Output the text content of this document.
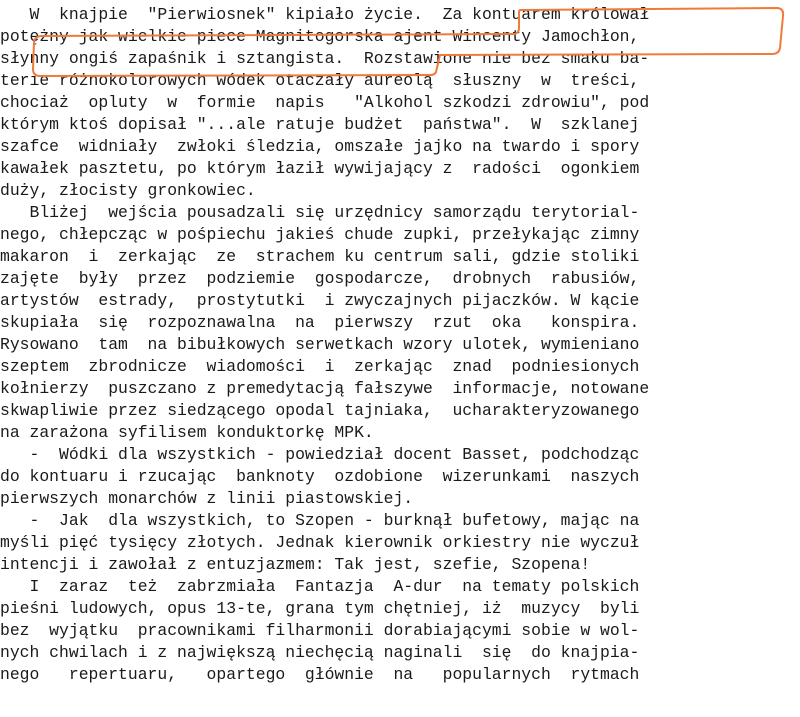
W  knajpie  "Pierwiosnek" kipiało życie.  Za kontuarem królował
potężny jak wielkie piece Magnitogorska ajent Wincenty Jamochłon,
słynny ongiś zapaśnik i sztangista.  Rozstawione nie bez smaku ba-
terie różnokolorowych wódek otaczały aureolą  słuszny  w  treści,
chociaż  opluty  w  formie  napis   "Alkohol szkodzi zdrowiu", pod
którym ktoś dopisał "...ale ratuje budżet  państwa".  W  szklanej
szafce  widniały  zwłoki śledzia, omszałe jajko na twardo i spory
kawałek pasztetu, po którym łaził wywijający z  radości  ogonkiem
duży, złocisty gronkowiec.
Bliżej  wejścia pousadzali się urzędnicy samorządu terytorial-
nego, chłepcząc w pośpiechu jakieś chude zupki, przełykając zimny
makaron  i  zerkając  ze  strachem ku centrum sali, gdzie stoliki
zajęte  były  przez  podziemie  gospodarcze,  drobnych  rabusiów,
artystów  estrady,  prostytutki  i zwyczajnych pijaczków. W kącie
skupiała  się  rozpoznawalna  na  pierwszy  rzut  oka   konspira.
Rysowano  tam  na bibułkowych serwetkach wzory ulotek, wymieniano
szeptem  zbrodnicze  wiadomości  i  zerkając  znad  podniesionych
kołnierzy  puszczano z premedytacją fałszywe  informacje, notowane
skwapliwie przez siedzącego opodal tajniaka,  ucharakteryzowanego
na zarażona syfilisem konduktorkę MPK.
-  Wódki dla wszystkich - powiedział docent Basset, podchodząc
do kontuaru i rzucając  banknoty  ozdobione  wizerunkami  naszych
pierwszych monarchów z linii piastowskiej.
-  Jak  dla wszystkich, to Szopen - burknął bufetowy, mając na
myśli pięć tysięcy złotych. Jednak kierownik orkiestry nie wyczuł
intencji i zawołał z entuzjazmem: Tak jest, szefie, Szopena!
I  zaraz  też  zabrzmiała  Fantazja  A-dur  na tematy polskich
pieśni ludowych, opus 13-te, grana tym chętniej, iż  muzycy  byli
bez  wyjątku  pracownikami filharmonii dorabiającymi sobie w wol-
nych chwilach i z największą niechęcią naginali  się  do knajpia-
nego   repertuaru,   opartego  głównie  na   popularnych  rytmach
